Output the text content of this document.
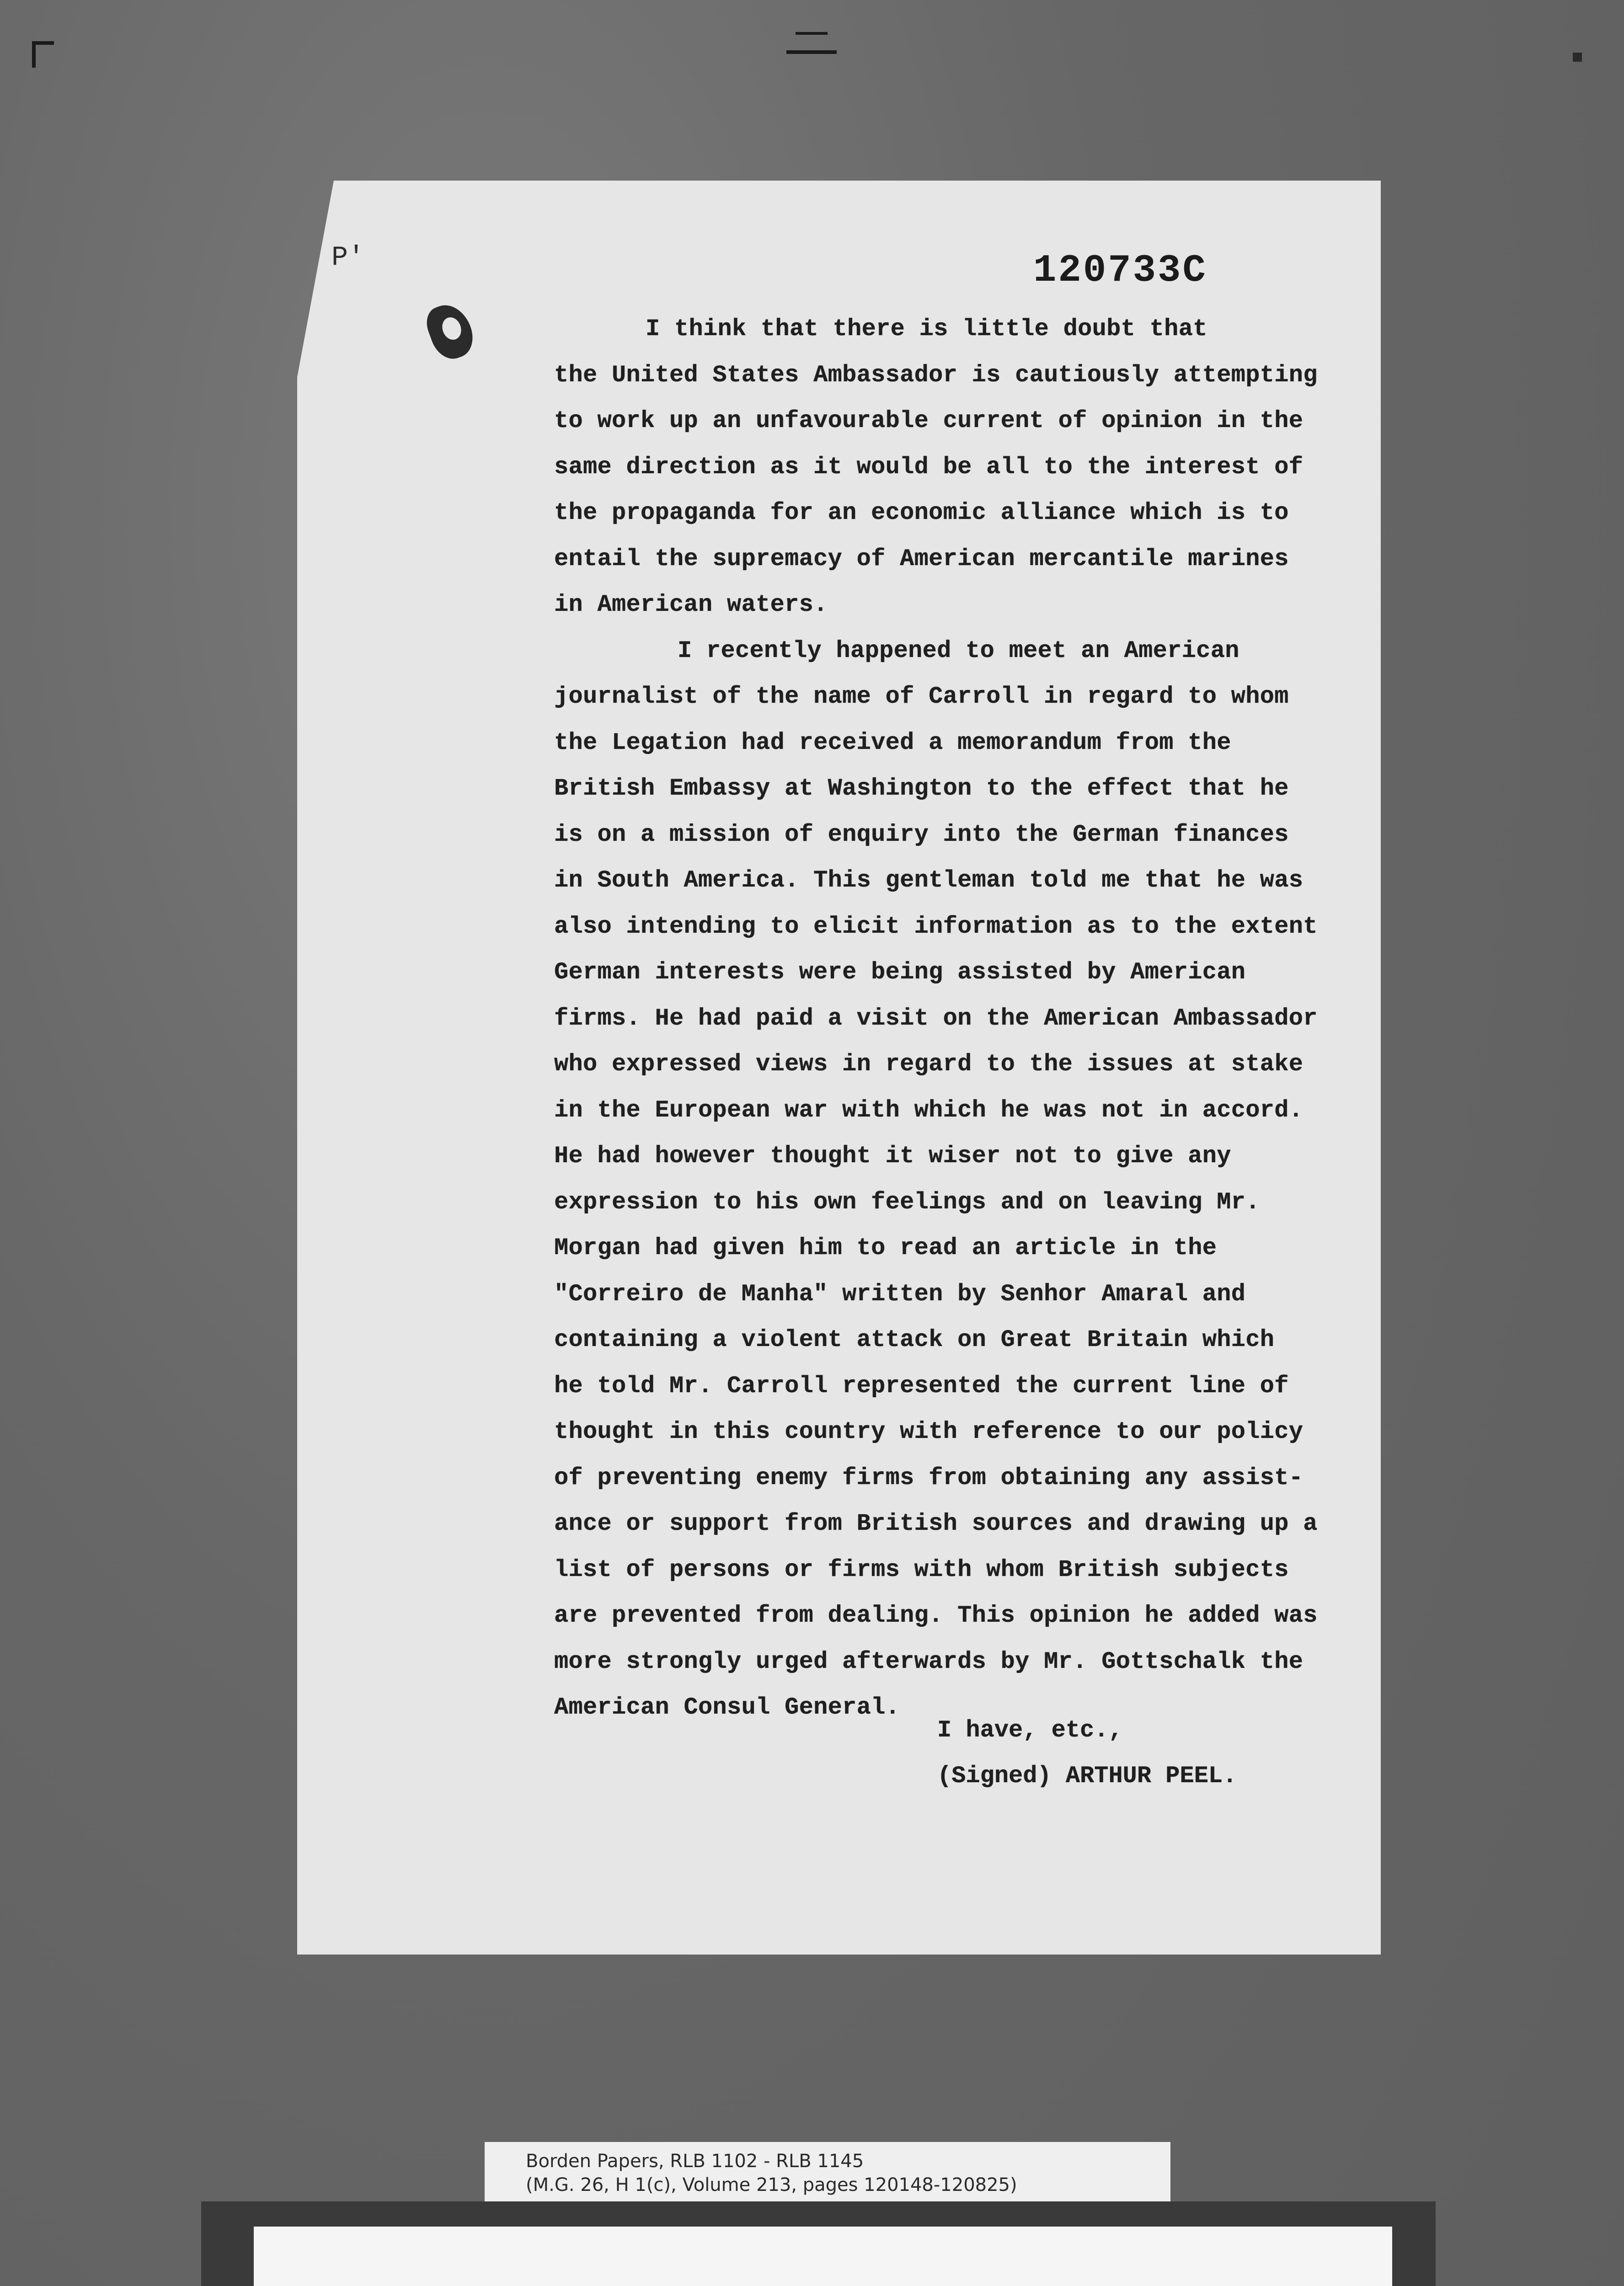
P'	120733C
I think that there is little doubt that
the United States Ambassador is cautiously attempting
to work up an unfavourable current of opinion in the
same direction as it would be all to the interest of
the propaganda for an economic alliance which is to
entail the supremacy of American mercantile marines
in American waters.
I recently happened to meet an American
journalist of the name of Carroll in regard to whom
the Legation had received a memorandum from the
British Embassy at Washington to the effect that he
is on a mission of enquiry into the German finances
in South America. This gentleman told me that he was
also intending to elicit information as to the extent
German interests were being assisted by American
firms. He had paid a visit on the American Ambassador
who expressed views in regard to the issues at stake
in the European war with which he was not in accord.
He had however thought it wiser not to give any
expression to his own feelings and on leaving Mr.
Morgan had given him to read an article in the
"Correiro de Manha" written by Senhor Amaral and
containing a violent attack on Great Britain which
he told Mr. Carroll represented the current line of
thought in this country with reference to our policy
of preventing enemy firms from obtaining any assist-
ance or support from British sources and drawing up a
list of persons or firms with whom British subjects
are prevented from dealing. This opinion he added was
more strongly urged afterwards by Mr. Gottschalk the
American Consul General.
I have, etc.,
(Signed) ARTHUR PEEL.
Borden Papers, RLB 1102 - RLB 1145
(M.G. 26, H 1(c), Volume 213, pages 120148-120825)
